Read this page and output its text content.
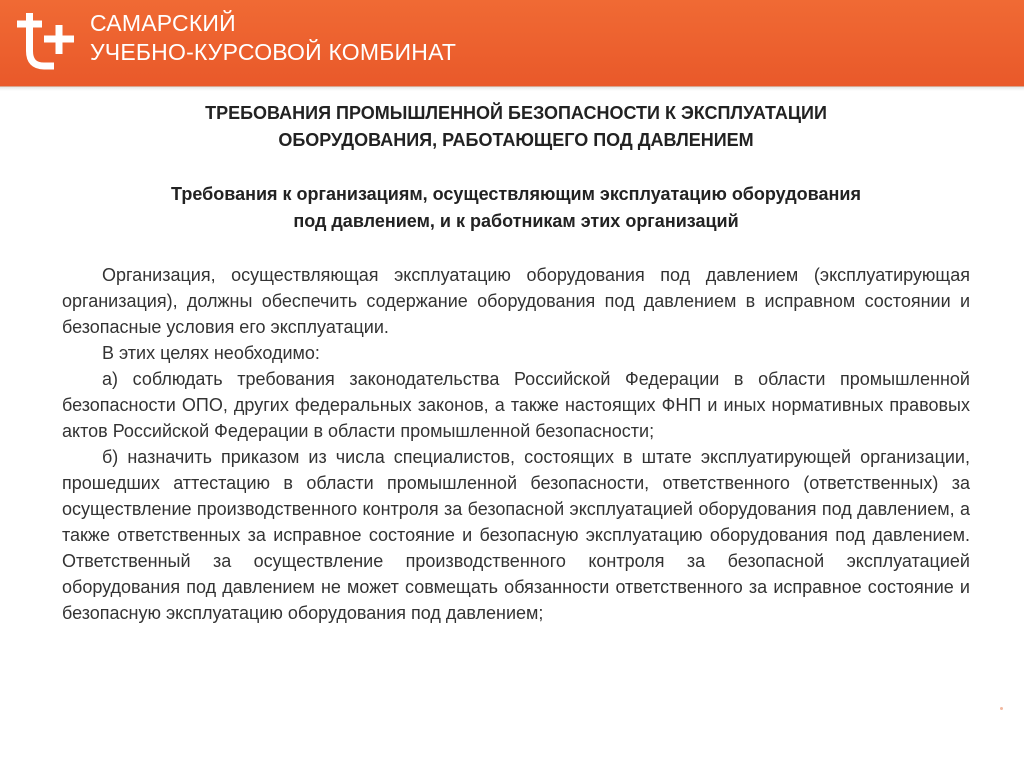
САМАРСКИЙ
УЧЕБНО-КУРСОВОЙ КОМБИНАТ
ТРЕБОВАНИЯ ПРОМЫШЛЕННОЙ БЕЗОПАСНОСТИ К ЭКСПЛУАТАЦИИ
ОБОРУДОВАНИЯ, РАБОТАЮЩЕГО ПОД ДАВЛЕНИЕМ
Требования к организациям, осуществляющим эксплуатацию оборудования
под давлением, и к работникам этих организаций

Организация, осуществляющая эксплуатацию оборудования под давлением (эксплуатирующая организация), должны обеспечить содержание оборудования под давлением в исправном состоянии и безопасные условия его эксплуатации.

В этих целях необходимо:

а) соблюдать требования законодательства Российской Федерации в области промышленной безопасности ОПО, других федеральных законов, а также настоящих ФНП и иных нормативных правовых актов Российской Федерации в области промышленной безопасности;

б) назначить приказом из числа специалистов, состоящих в штате эксплуатирующей организации, прошедших аттестацию в области промышленной безопасности, ответственного (ответственных) за осуществление производственного контроля за безопасной эксплуатацией оборудования под давлением, а также ответственных за исправное состояние и безопасную эксплуатацию оборудования под давлением. Ответственный за осуществление производственного контроля за безопасной эксплуатацией оборудования под давлением не может совмещать обязанности ответственного за исправное состояние и безопасную эксплуатацию оборудования под давлением;
